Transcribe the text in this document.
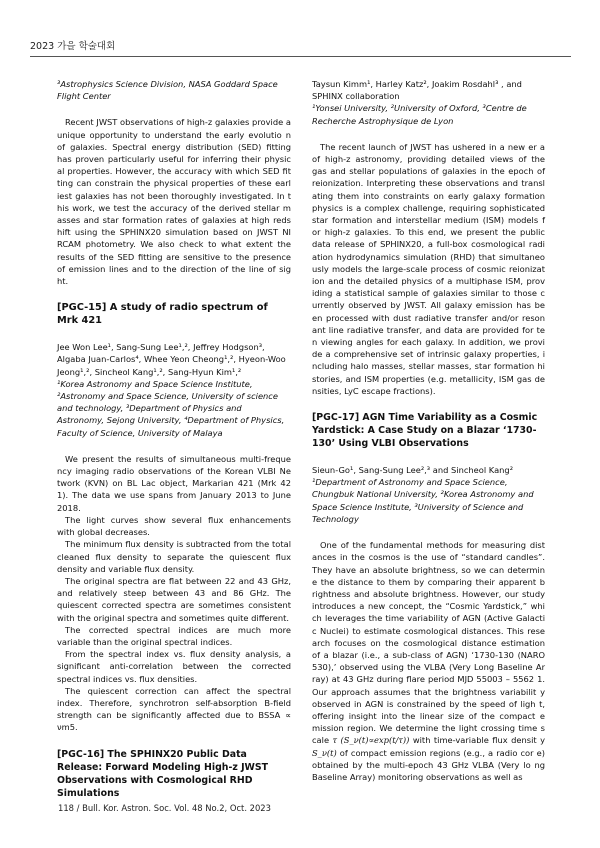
2023 가을 학술대회

³Astrophysics Science Division, NASA Goddard Space Flight Center

Recent JWST observations of high-z galaxies provide a unique opportunity to understand the early evolutio n of galaxies. Spectral energy distribution (SED) fitting has proven particularly useful for inferring their physic al properties. However, the accuracy with which SED fit ting can constrain the physical properties of these earl iest galaxies has not been thoroughly investigated. In t his work, we test the accuracy of the derived stellar m asses and star formation rates of galaxies at high reds hift using the SPHINX20 simulation based on JWST NI RCAM photometry. We also check to what extent the results of the SED fitting are sensitive to the presence of emission lines and to the direction of the line of sig ht.

[PGC-15] A study of radio spectrum of Mrk 421

Jee Won Lee¹, Sang-Sung Lee¹,², Jeffrey Hodgson³, Algaba Juan-Carlos⁴, Whee Yeon Cheong¹,², Hyeon-Woo Jeong¹,², Sincheol Kang¹,², Sang-Hyun Kim¹,²

¹Korea Astronomy and Space Science Institute, ²Astronomy and Space Science, University of science and technology, ³Department of Physics and Astronomy, Sejong University, ⁴Department of Physics, Faculty of Science, University of Malaya

We present the results of simultaneous multi-freque ncy imaging radio observations of the Korean VLBI Ne twork (KVN) on BL Lac object, Markarian 421 (Mrk 42 1). The data we use spans from January 2013 to June 2018.

The light curves show several flux enhancements with global decreases.

The minimum flux density is subtracted from the total cleaned flux density to separate the quiescent flux density and variable flux density.

The original spectra are flat between 22 and 43 GHz, and relatively steep between 43 and 86 GHz. The quiescent corrected spectra are sometimes consistent with the original spectra and sometimes quite different.

The corrected spectral indices are much more variable than the original spectral indices.

From the spectral index vs. flux density analysis, a significant anti-correlation between the corrected spectral indices vs. flux densities.

The quiescent correction can affect the spectral index. Therefore, synchrotron self-absorption B-field strength can be significantly affected due to BSSA ∝ νm5.

[PGC-16] The SPHINX20 Public Data Release: Forward Modeling High-z JWST Observations with Cosmological RHD Simulations

Taysun Kimm¹, Harley Katz², Joakim Rosdahl³ , and SPHINX collaboration

¹Yonsei University, ²University of Oxford, ³Centre de Recherche Astrophysique de Lyon

The recent launch of JWST has ushered in a new er a of high-z astronomy, providing detailed views of the gas and stellar populations of galaxies in the epoch of reionization. Interpreting these observations and transl ating them into constraints on early galaxy formation physics is a complex challenge, requiring sophisticated star formation and interstellar medium (ISM) models f or high-z galaxies. To this end, we present the public data release of SPHINX20, a full-box cosmological radi ation hydrodynamics simulation (RHD) that simultaneo usly models the large-scale process of cosmic reionizat ion and the detailed physics of a multiphase ISM, prov iding a statistical sample of galaxies similar to those c urrently observed by JWST. All galaxy emission has be en processed with dust radiative transfer and/or reson ant line radiative transfer, and data are provided for te n viewing angles for each galaxy. In addition, we provi de a comprehensive set of intrinsic galaxy properties, i ncluding halo masses, stellar masses, star formation hi stories, and ISM properties (e.g. metallicity, ISM gas de nsities, LyC escape fractions).

[PGC-17] AGN Time Variability as a Cosmic Yardstick: A Case Study on a Blazar ‘1730-130’ Using VLBI Observations

Sieun-Go¹, Sang-Sung Lee²,³ and Sincheol Kang²

¹Department of Astronomy and Space Science, Chungbuk National University, ²Korea Astronomy and Space Science Institute, ³University of Science and Technology

One of the fundamental methods for measuring dist ances in the cosmos is the use of “standard candles”. They have an absolute brightness, so we can determin e the distance to them by comparing their apparent b rightness and absolute brightness. However, our study introduces a new concept, the “Cosmic Yardstick,” whi ch leverages the time variability of AGN (Active Galacti c Nuclei) to estimate cosmological distances. This rese arch focuses on the cosmological distance estimation of a blazar (i.e., a sub-class of AGN) ‘1730-130 (NARO 530),’ observed using the VLBA (Very Long Baseline Ar ray) at 43 GHz during flare period MJD 55003 – 5562 1. Our approach assumes that the brightness variabilit y observed in AGN is constrained by the speed of ligh t, offering insight into the linear size of the compact e mission region. We determine the light crossing time s cale τ (S_ν(t)∝exp(t/τ)) with time-variable flux densit y S_ν(t) of compact emission regions (e.g., a radio cor e) obtained by the multi-epoch 43 GHz VLBA (Very lo ng Baseline Array) monitoring observations as well as

118 / Bull. Kor. Astron. Soc. Vol. 48 No.2, Oct. 2023
